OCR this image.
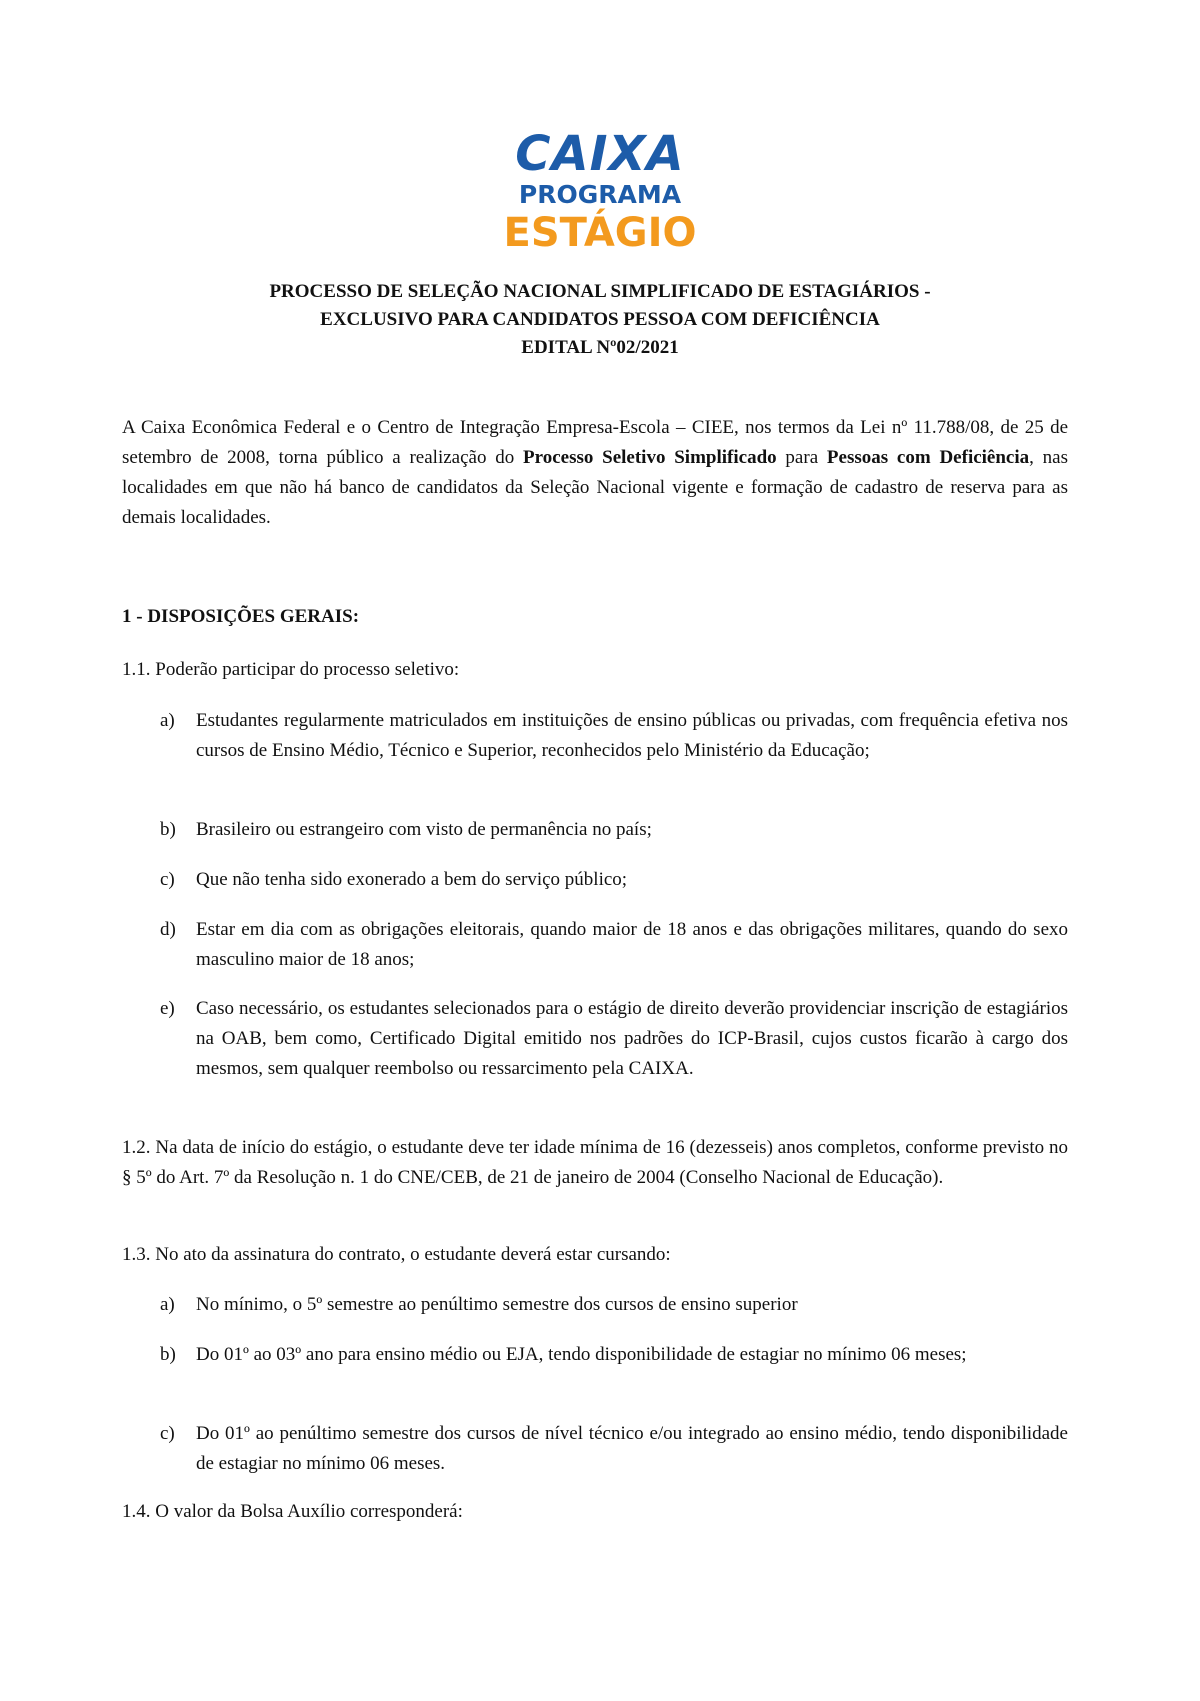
CAIXA
PROGRAMA
ESTÁGIO
PROCESSO DE SELEÇÃO NACIONAL SIMPLIFICADO DE ESTAGIÁRIOS -
EXCLUSIVO PARA CANDIDATOS PESSOA COM DEFICIÊNCIA
EDITAL Nº02/2021

A Caixa Econômica Federal e o Centro de Integração Empresa-Escola – CIEE, nos termos da Lei nº 11.788/08, de 25 de setembro de 2008, torna público a realização do Processo Seletivo Simplificado para Pessoas com Deficiência, nas localidades em que não há banco de candidatos da Seleção Nacional vigente e formação de cadastro de reserva para as demais localidades.

1 - DISPOSIÇÕES GERAIS:

1.1. Poderão participar do processo seletivo:

a)	Estudantes regularmente matriculados em instituições de ensino públicas ou privadas, com frequência efetiva nos cursos de Ensino Médio, Técnico e Superior, reconhecidos pelo Ministério da Educação;
b)	Brasileiro ou estrangeiro com visto de permanência no país;
c)	Que não tenha sido exonerado a bem do serviço público;
d)	Estar em dia com as obrigações eleitorais, quando maior de 18 anos e das obrigações militares, quando do sexo masculino maior de 18 anos;
e)	Caso necessário, os estudantes selecionados para o estágio de direito deverão providenciar inscrição de estagiários na OAB, bem como, Certificado Digital emitido nos padrões do ICP-Brasil, cujos custos ficarão à cargo dos mesmos, sem qualquer reembolso ou ressarcimento pela CAIXA.

1.2. Na data de início do estágio, o estudante deve ter idade mínima de 16 (dezesseis) anos completos, conforme previsto no § 5º do Art. 7º da Resolução n. 1 do CNE/CEB, de 21 de janeiro de 2004 (Conselho Nacional de Educação).

1.3. No ato da assinatura do contrato, o estudante deverá estar cursando:

a)	No mínimo, o 5º semestre ao penúltimo semestre dos cursos de ensino superior
b)	Do 01º ao 03º ano para ensino médio ou EJA, tendo disponibilidade de estagiar no mínimo 06 meses;
c)	Do 01º ao penúltimo semestre dos cursos de nível técnico e/ou integrado ao ensino médio, tendo disponibilidade de estagiar no mínimo 06 meses.

1.4. O valor da Bolsa Auxílio corresponderá:
